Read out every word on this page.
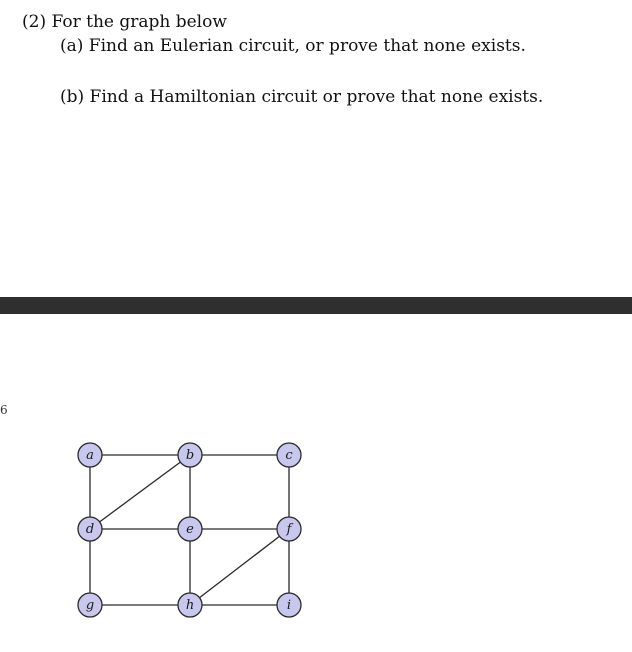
(2) For the graph below
(a) Find an Eulerian circuit, or prove that none exists.
(b) Find a Hamiltonian circuit or prove that none exists.
6
a	b	c
d	e	f
g	h	i
